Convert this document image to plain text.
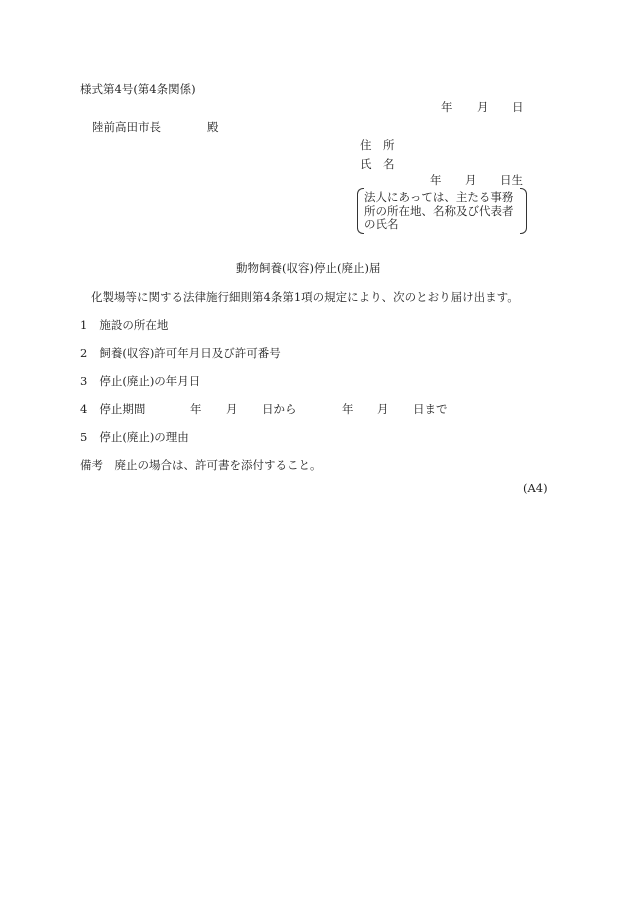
様式第4号(第4条関係)
年 月 日
陸前高田市長	殿
住　所
氏　名
年 月 日生
法人にあっては、主たる事務所の所在地、名称及び代表者の氏名
動物飼養(収容)停止(廃止)届
化製場等に関する法律施行細則第4条第1項の規定により、次のとおり届け出ます。
1 施設の所在地
2 飼養(収容)許可年月日及び許可番号
3 停止(廃止)の年月日
4 停止期間	年 月 日から	年 月 日まで
5 停止(廃止)の理由
備考　廃止の場合は、許可書を添付すること。
(A4)
